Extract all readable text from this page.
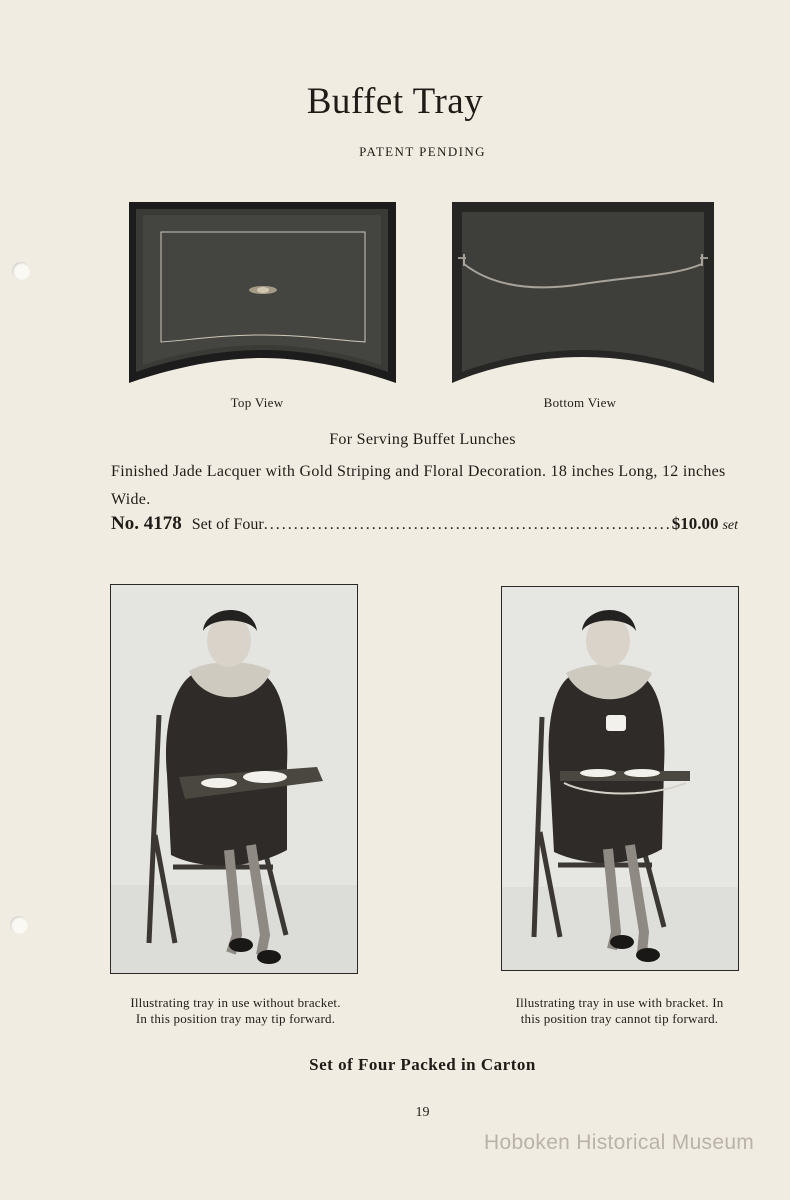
Buffet Tray
PATENT PENDING
Top View	Bottom View
For Serving Buffet Lunches
Finished Jade Lacquer with Gold Striping and Floral Decoration. 18 inches Long, 12 inches Wide.
No. 4178 Set of Four
.....	$10.00 set
Illustrating tray in use without bracket.
In this position tray may tip forward.
Illustrating tray in use with bracket. In
this position tray cannot tip forward.
Set of Four Packed in Carton
19
Hoboken Historical Museum
